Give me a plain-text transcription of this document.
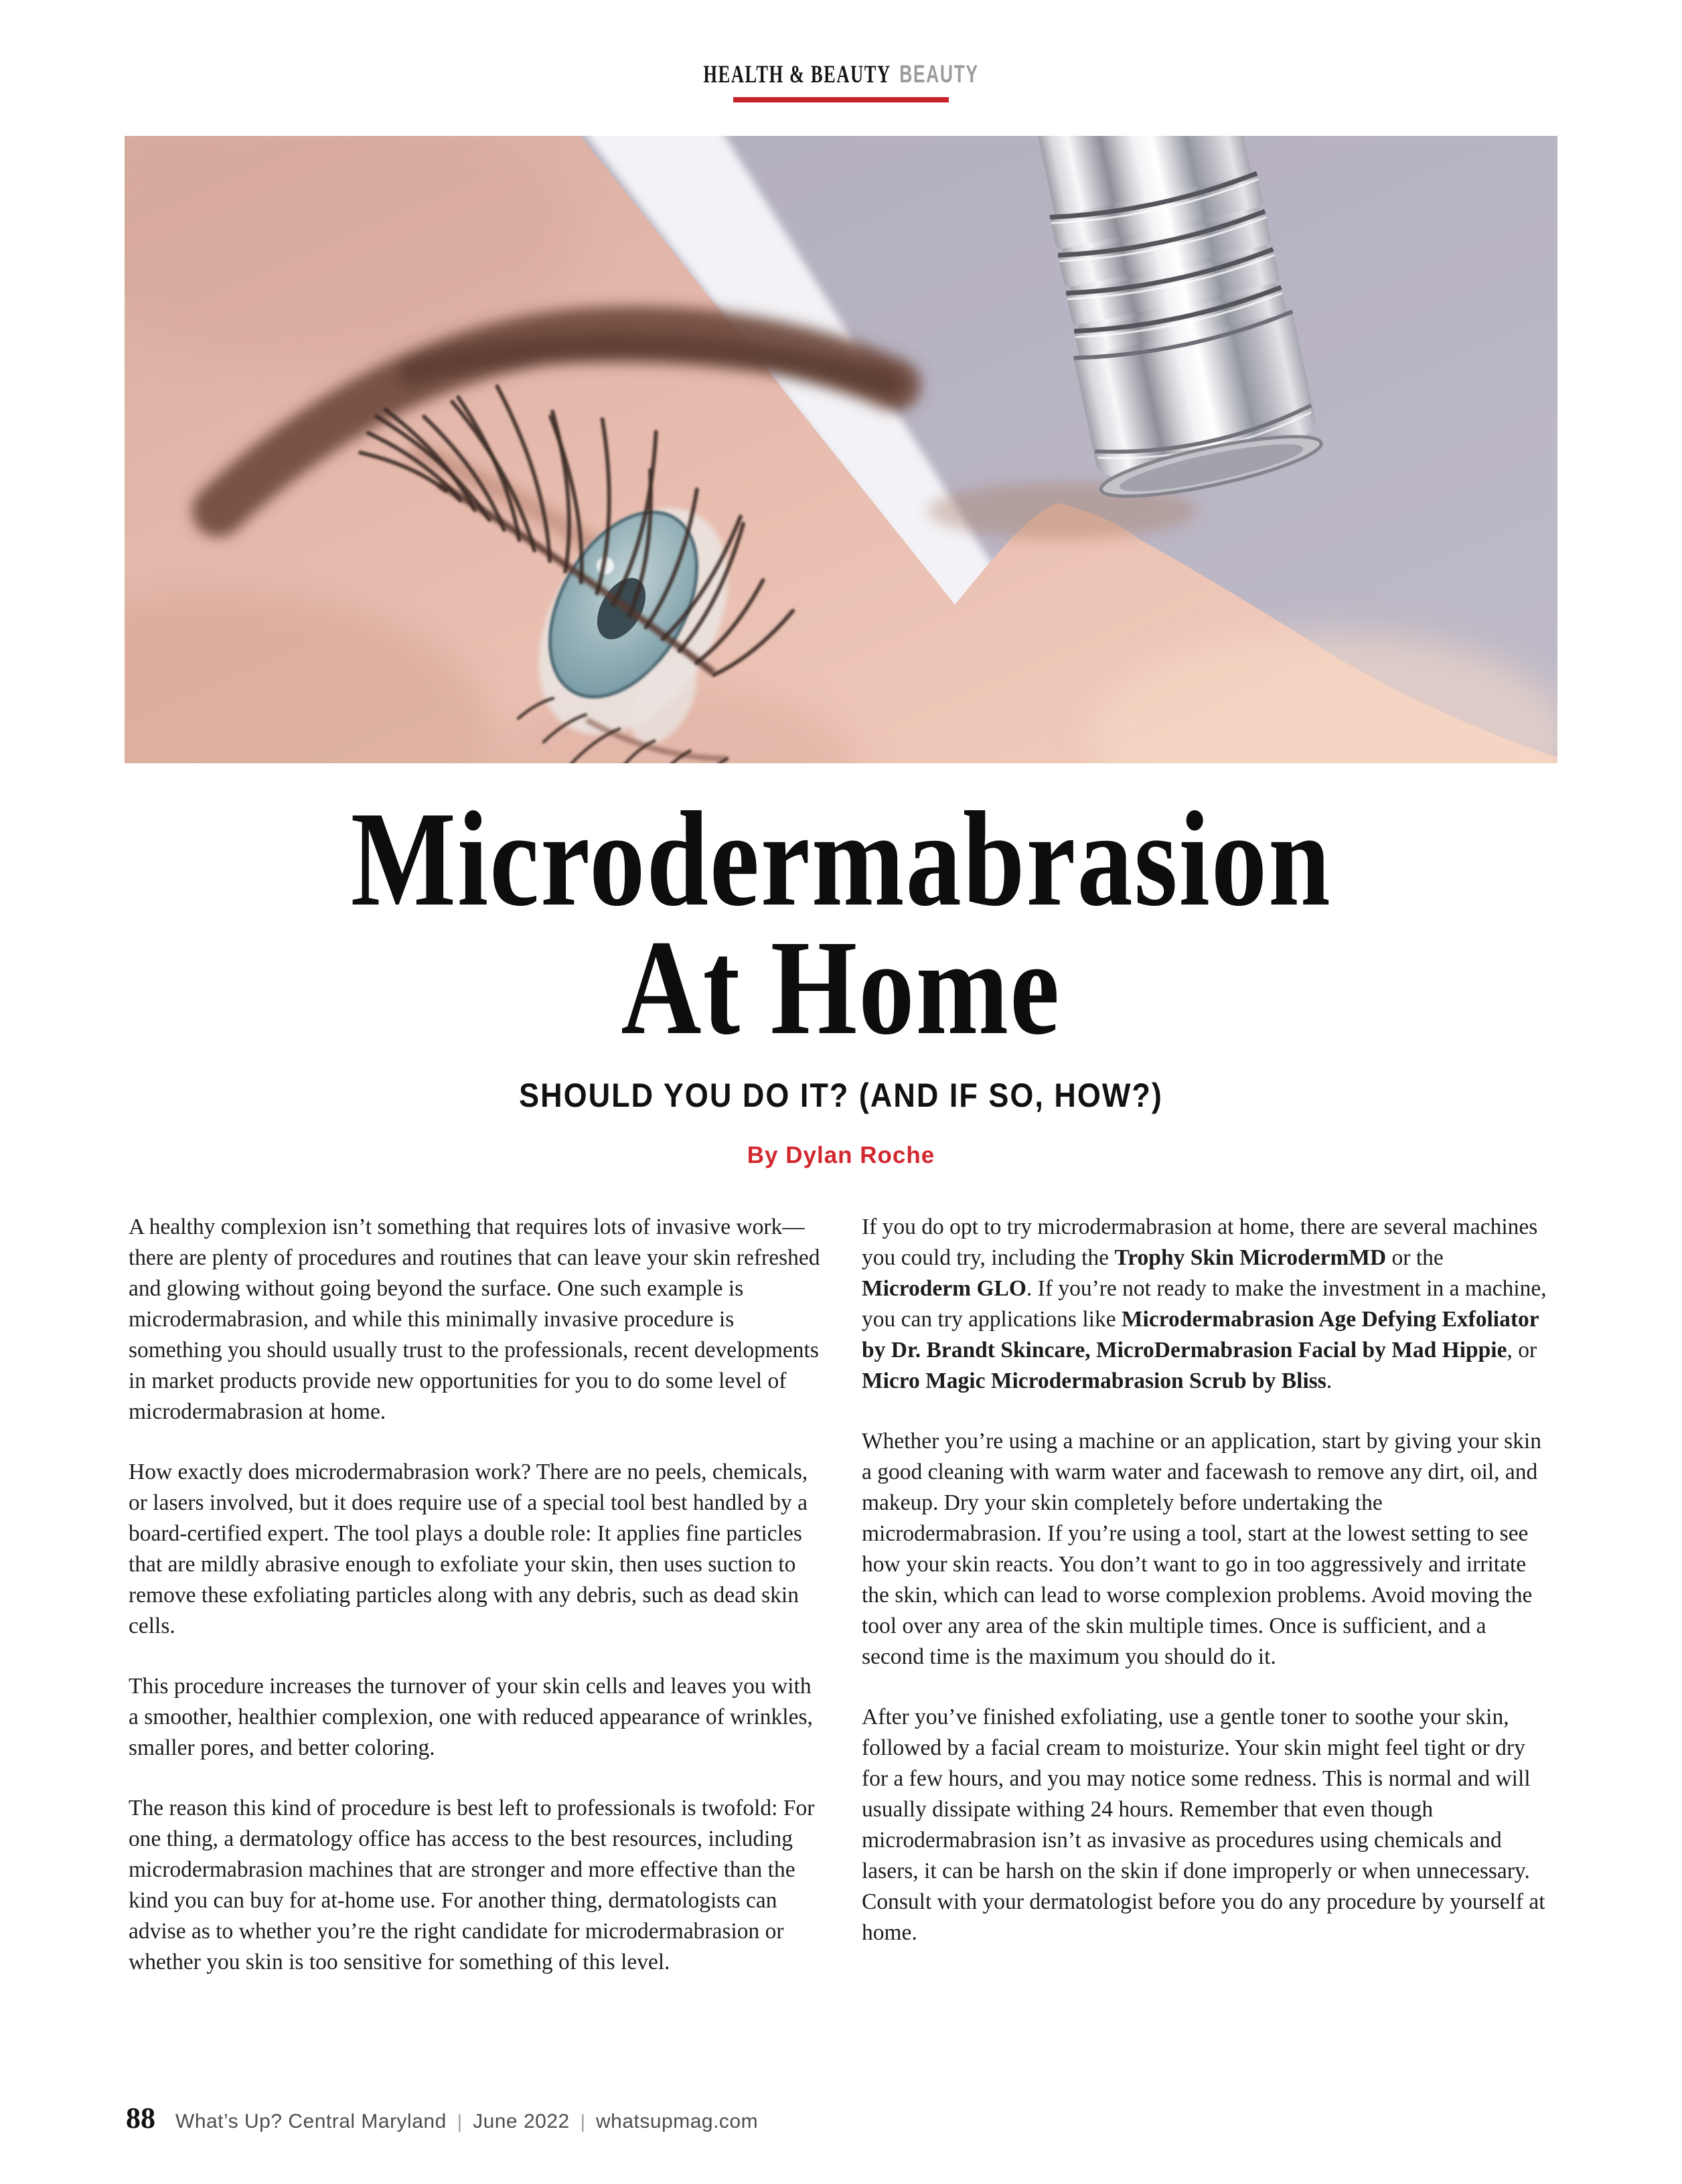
HEALTH & BEAUTY BEAUTY
Microdermabrasion
At Home
SHOULD YOU DO IT? (AND IF SO, HOW?)
By Dylan Roche

A healthy complexion isn’t something that requires lots of invasive work—there are plenty of procedures and routines that can leave your skin refreshed and glowing without going beyond the surface. One such example is microdermabrasion, and while this minimally invasive procedure is something you should usually trust to the professionals, recent developments in market products provide new opportunities for you to do some level of microdermabrasion at home.

How exactly does microdermabrasion work? There are no peels, chemicals, or lasers involved, but it does require use of a special tool best handled by a board-certified expert. The tool plays a double role: It applies fine particles that are mildly abrasive enough to exfoliate your skin, then uses suction to remove these exfoliating particles along with any debris, such as dead skin cells.

This procedure increases the turnover of your skin cells and leaves you with a smoother, healthier complexion, one with reduced appearance of wrinkles, smaller pores, and better coloring.

The reason this kind of procedure is best left to professionals is twofold: For one thing, a dermatology office has access to the best resources, including microdermabrasion machines that are stronger and more effective than the kind you can buy for at-home use. For another thing, dermatologists can advise as to whether you’re the right candidate for microdermabrasion or whether you skin is too sensitive for something of this level.

If you do opt to try microdermabrasion at home, there are several machines you could try, including the Trophy Skin MicrodermMD or the Microderm GLO. If you’re not ready to make the investment in a machine, you can try applications like Microdermabrasion Age Defying Exfoliator by Dr. Brandt Skincare, MicroDermabrasion Facial by Mad Hippie, or Micro Magic Microdermabrasion Scrub by Bliss.

Whether you’re using a machine or an application, start by giving your skin a good cleaning with warm water and facewash to remove any dirt, oil, and makeup. Dry your skin completely before undertaking the microdermabrasion. If you’re using a tool, start at the lowest setting to see how your skin reacts. You don’t want to go in too aggressively and irritate the skin, which can lead to worse complexion problems. Avoid moving the tool over any area of the skin multiple times. Once is sufficient, and a second time is the maximum you should do it.

After you’ve finished exfoliating, use a gentle toner to soothe your skin, followed by a facial cream to moisturize. Your skin might feel tight or dry for a few hours, and you may notice some redness. This is normal and will usually dissipate withing 24 hours. Remember that even though microdermabrasion isn’t as invasive as procedures using chemicals and lasers, it can be harsh on the skin if done improperly or when unnecessary. Consult with your dermatologist before you do any procedure by yourself at home.

88 What’s Up? Central Maryland | June 2022 | whatsupmag.com
